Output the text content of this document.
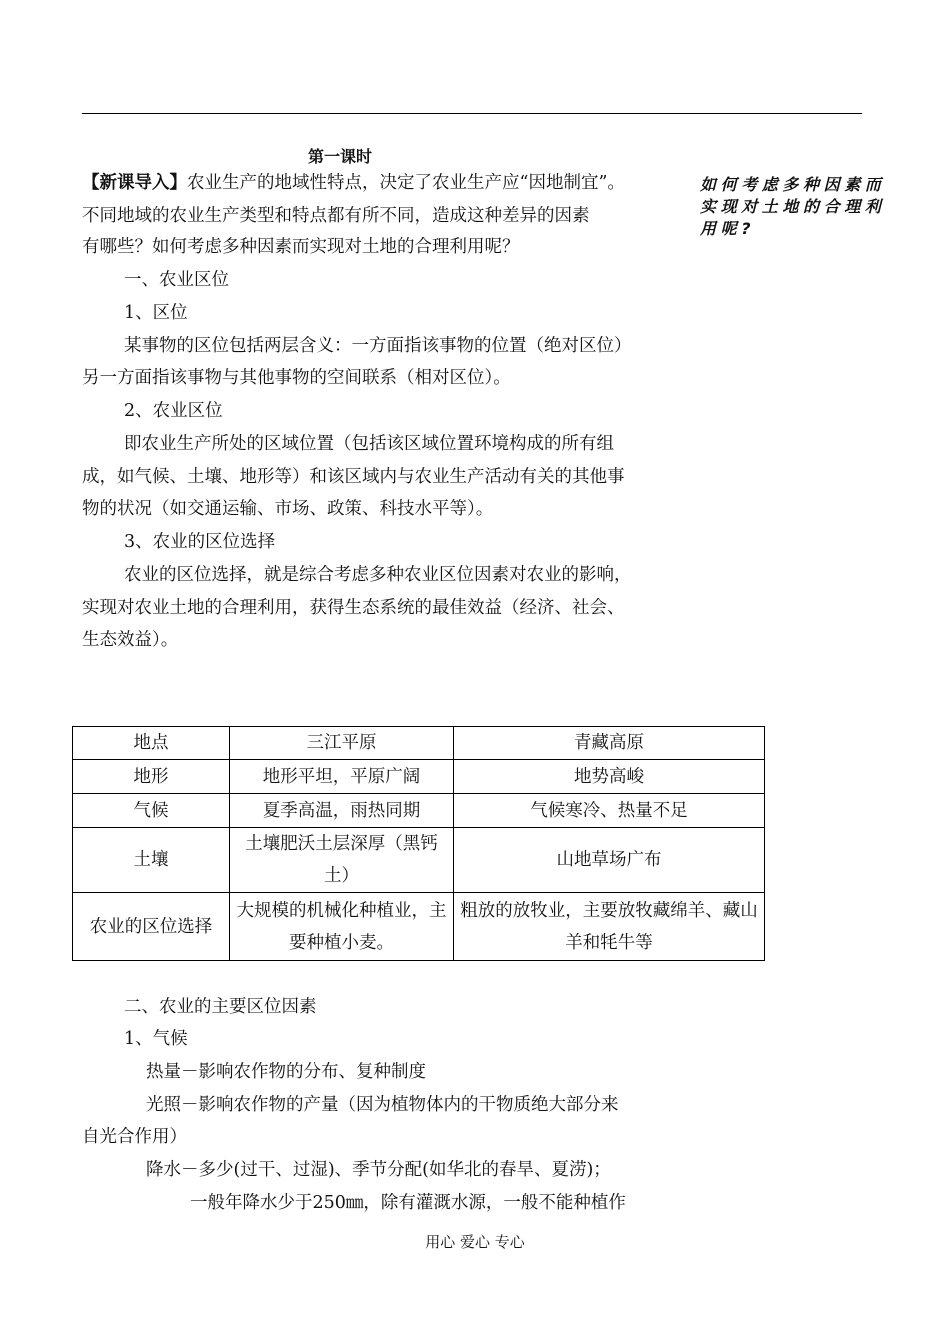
第一课时
【新课导入】农业生产的地域性特点，决定了农业生产应“因地制宜”。
不同地域的农业生产类型和特点都有所不同，造成这种差异的因素
有哪些？如何考虑多种因素而实现对土地的合理利用呢？
如何考虑多种因素而实现对土地的合理利用呢?
一、农业区位
1、区位
某事物的区位包括两层含义：一方面指该事物的位置（绝对区位）
另一方面指该事物与其他事物的空间联系（相对区位）。
2、农业区位
即农业生产所处的区域位置（包括该区域位置环境构成的所有组
成，如气候、土壤、地形等）和该区域内与农业生产活动有关的其他事
物的状况（如交通运输、市场、政策、科技水平等）。
3、农业的区位选择
农业的区位选择，就是综合考虑多种农业区位因素对农业的影响，
实现对农业土地的合理利用，获得生态系统的最佳效益（经济、社会、
生态效益）。
地点	三江平原	青藏高原
地形	地形平坦，平原广阔	地势高峻
气候	夏季高温，雨热同期	气候寒冷、热量不足
土壤	土壤肥沃土层深厚（黑钙土）	山地草场广布
农业的区位选择	大规模的机械化种植业，主要种植小麦。	粗放的放牧业，主要放牧藏绵羊、藏山羊和牦牛等
二、农业的主要区位因素
1、气候
热量－影响农作物的分布、复种制度
光照－影响农作物的产量（因为植物体内的干物质绝大部分来
自光合作用）
降水－多少(过干、过湿)、季节分配(如华北的春旱、夏涝)；
一般年降水少于250㎜，除有灌溉水源，一般不能种植作
用心 爱心 专心
